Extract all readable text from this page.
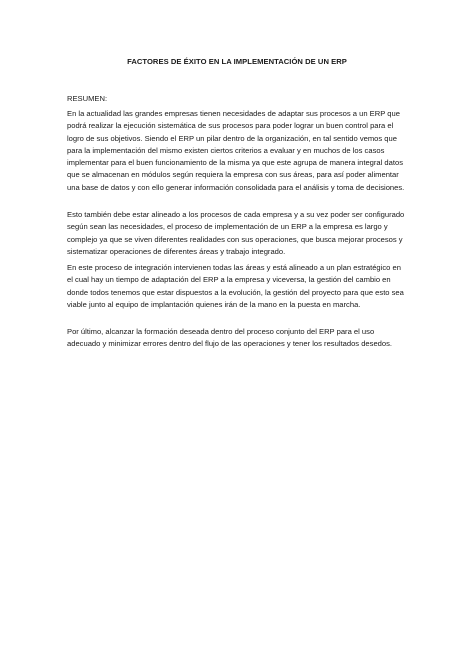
FACTORES DE ÉXITO EN LA IMPLEMENTACIÓN DE UN ERP
RESUMEN:
En la actualidad las grandes empresas tienen necesidades de adaptar sus procesos a un ERP que podrá realizar la ejecución sistemática de sus procesos para poder lograr un buen control para el logro de sus objetivos. Siendo el ERP un pilar dentro de la organización, en tal sentido vemos que para la implementación del mismo existen ciertos criterios a evaluar y en muchos de los casos implementar para el buen funcionamiento de la misma ya que este agrupa de manera integral datos que se almacenan en módulos según requiera la empresa con sus áreas, para así poder alimentar una base de datos y con ello generar información consolidada para el análisis y toma de decisiones.
Esto también debe estar alineado a los procesos de cada empresa y a su vez poder ser configurado según sean las necesidades, el proceso de implementación de un ERP a la empresa es largo y complejo ya que se viven diferentes realidades con sus operaciones, que busca mejorar procesos y sistematizar operaciones de diferentes áreas y trabajo integrado.
En este proceso de integración intervienen todas las áreas y está alineado a un plan estratégico en el cual hay un tiempo de adaptación del ERP a la empresa y viceversa, la gestión del cambio en donde todos tenemos que estar dispuestos a la evolución, la gestión del proyecto para que esto sea viable junto al equipo de implantación quienes irán de la mano en la puesta en marcha.
Por último, alcanzar la formación deseada dentro del proceso conjunto del ERP para el uso adecuado y minimizar errores dentro del flujo de las operaciones y tener los resultados desedos.
